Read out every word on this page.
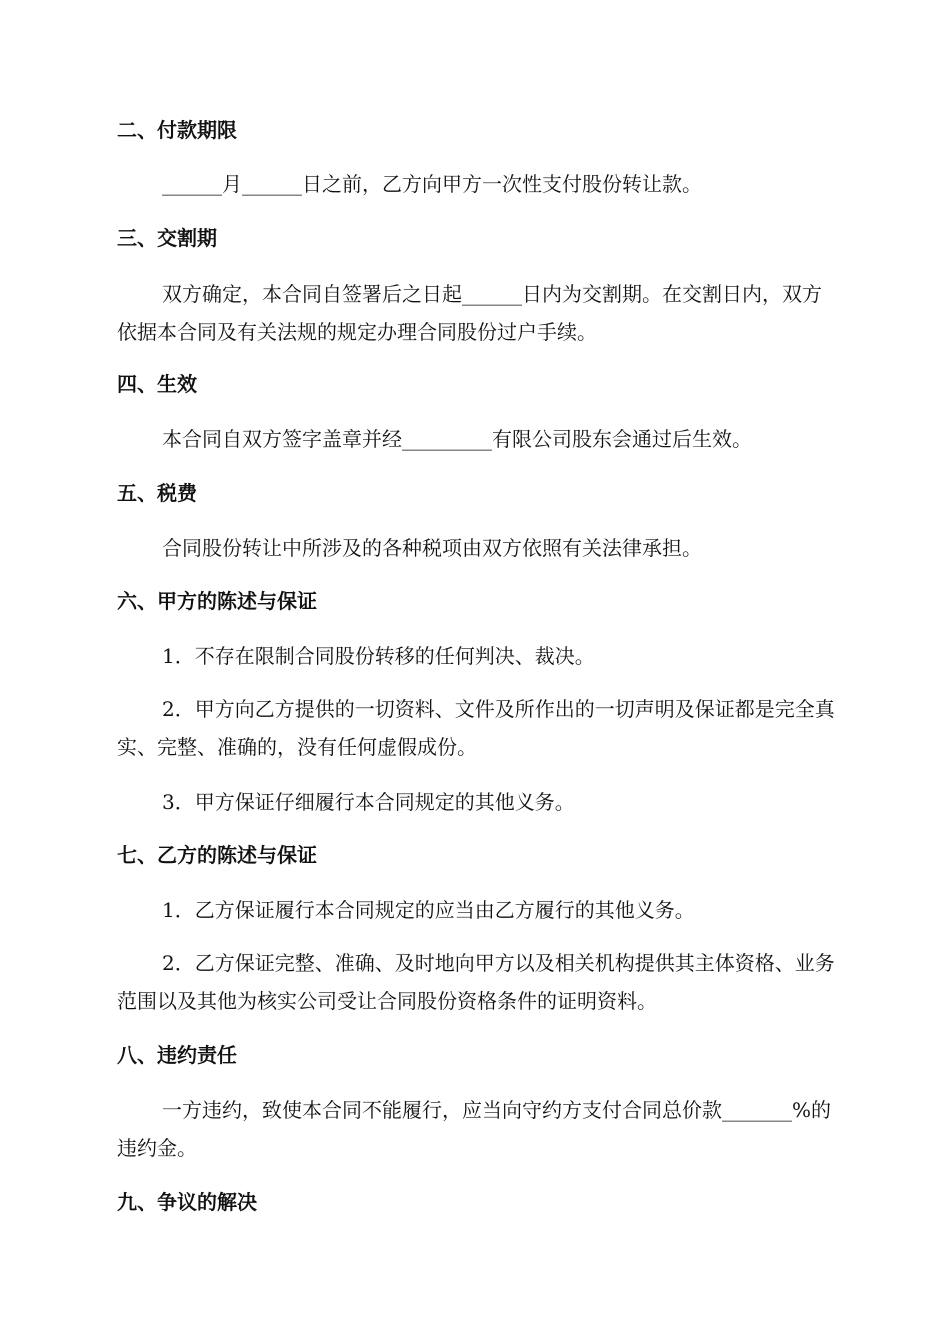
二、付款期限
______月______日之前，乙方向甲方一次性支付股份转让款。
三、交割期
双方确定，本合同自签署后之日起______日内为交割期。在交割日内，双方依据本合同及有关法规的规定办理合同股份过户手续。
四、生效
本合同自双方签字盖章并经_________有限公司股东会通过后生效。
五、税费
合同股份转让中所涉及的各种税项由双方依照有关法律承担。
六、甲方的陈述与保证
1．不存在限制合同股份转移的任何判决、裁决。
2．甲方向乙方提供的一切资料、文件及所作出的一切声明及保证都是完全真实、完整、准确的，没有任何虚假成份。
3．甲方保证仔细履行本合同规定的其他义务。
七、乙方的陈述与保证
1．乙方保证履行本合同规定的应当由乙方履行的其他义务。
2．乙方保证完整、准确、及时地向甲方以及相关机构提供其主体资格、业务范围以及其他为核实公司受让合同股份资格条件的证明资料。
八、违约责任
一方违约，致使本合同不能履行，应当向守约方支付合同总价款_______%的违约金。
九、争议的解决
